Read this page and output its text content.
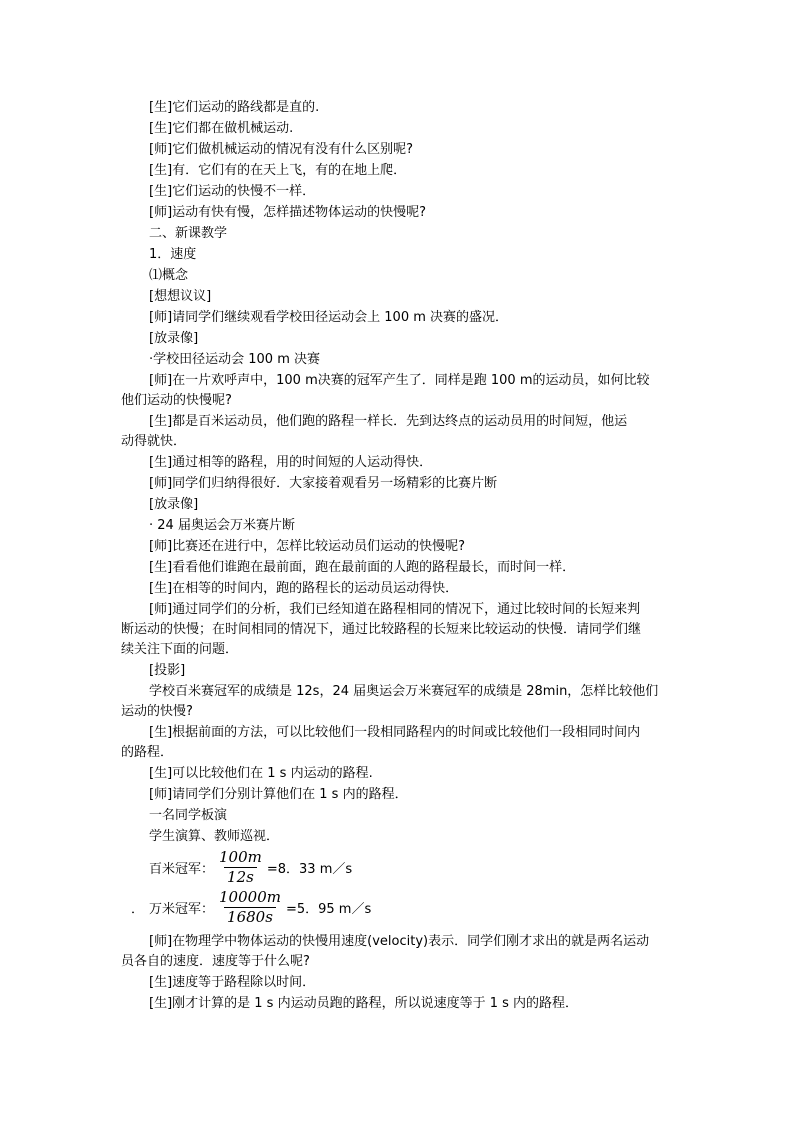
[生]它们运动的路线都是直的.
[生]它们都在做机械运动.
[师]它们做机械运动的情况有没有什么区别呢?
[生]有．它们有的在天上飞，有的在地上爬．
[生]它们运动的快慢不一样．
[师]运动有快有慢，怎样描述物体运动的快慢呢?
二、新课教学
1．速度
⑴概念
[想想议议]
[师]请同学们继续观看学校田径运动会上 100 m 决赛的盛况．
[放录像]
·学校田径运动会 100 m 决赛
[师]在一片欢呼声中，100 m决赛的冠军产生了．同样是跑 100 m的运动员，如何比较
他们运动的快慢呢?
[生]都是百米运动员，他们跑的路程一样长．先到达终点的运动员用的时间短，他运
动得就快．
[生]通过相等的路程，用的时间短的人运动得快．
[师]同学们归纳得很好．大家接着观看另一场精彩的比赛片断
[放录像]
· 24 届奥运会万米赛片断
[师]比赛还在进行中，怎样比较运动员们运动的快慢呢?
[生]看看他们谁跑在最前面，跑在最前面的人跑的路程最长，而时间一样．
[生]在相等的时间内，跑的路程长的运动员运动得快．
[师]通过同学们的分析，我们已经知道在路程相同的情况下，通过比较时间的长短来判
断运动的快慢；在时间相同的情况下，通过比较路程的长短来比较运动的快慢．请同学们继
续关注下面的问题．
[投影]
学校百米赛冠军的成绩是 12s，24 届奥运会万米赛冠军的成绩是 28min，怎样比较他们
运动的快慢?
[生]根据前面的方法，可以比较他们一段相同路程内的时间或比较他们一段相同时间内
的路程．
[生]可以比较他们在 1 s 内运动的路程.
[师]请同学们分别计算他们在 1 s 内的路程．
一名同学板演
学生演算、教师巡视．
百米冠军： $\frac{100m}{12s} =8$．33 m／s
． 万米冠军： $\frac{10000m}{1680s} =5$．95 m／s
[师]在物理学中物体运动的快慢用速度(velocity)表示．同学们刚才求出的就是两名运动
员各自的速度．速度等于什么呢?
[生]速度等于路程除以时间．
[生]刚才计算的是 1 s 内运动员跑的路程，所以说速度等于 1 s 内的路程．
